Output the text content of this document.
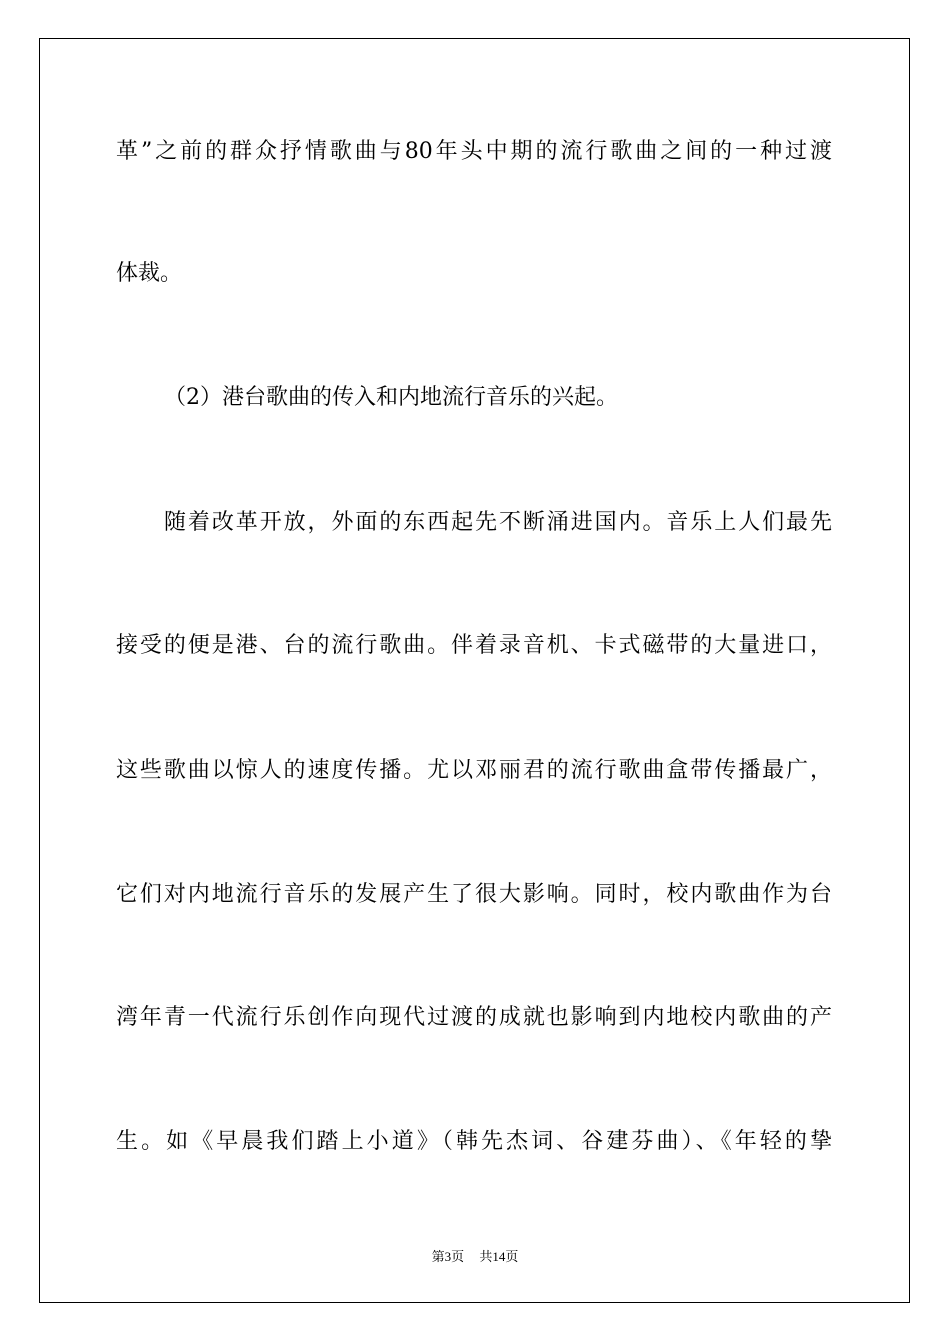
革”之前的群众抒情歌曲与80年头中期的流行歌曲之间的一种过渡
体裁。
（2）港台歌曲的传入和内地流行音乐的兴起。
随着改革开放，外面的东西起先不断涌进国内。音乐上人们最先
接受的便是港、台的流行歌曲。伴着录音机、卡式磁带的大量进口，
这些歌曲以惊人的速度传播。尤以邓丽君的流行歌曲盒带传播最广，
它们对内地流行音乐的发展产生了很大影响。同时，校内歌曲作为台
湾年青一代流行乐创作向现代过渡的成就也影响到内地校内歌曲的产
生。如《早晨我们踏上小道》（韩先杰词、谷建芬曲）、《年轻的挚
第3页 共14页
